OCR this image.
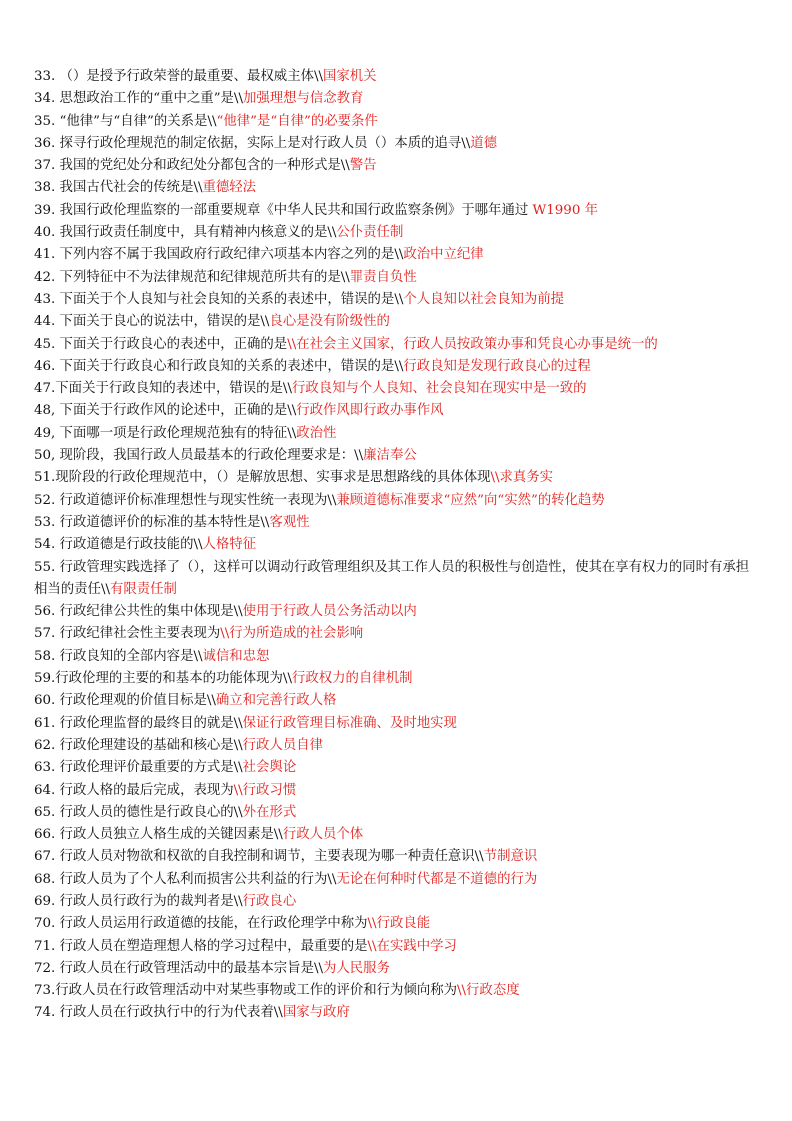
33. （）是授予行政荣誉的最重要、最权威主体\\国家机关
34. 思想政治工作的“重中之重”是\\加强理想与信念教育
35. “他律”与“自律”的关系是\\“他律”是“自律”的必要条件
36. 探寻行政伦理规范的制定依据，实际上是对行政人员（）本质的追寻\\道德
37. 我国的党纪处分和政纪处分都包含的一种形式是\\警告
38. 我国古代社会的传统是\\重德轻法
39. 我国行政伦理监察的一部重要规章《中华人民共和国行政监察条例》于哪年通过 W1990 年
40. 我国行政责任制度中，具有精神内核意义的是\\公仆责任制
41. 下列内容不属于我国政府行政纪律六项基本内容之列的是\\政治中立纪律
42. 下列特征中不为法律规范和纪律规范所共有的是\\罪责自负性
43. 下面关于个人良知与社会良知的关系的表述中，错误的是\\个人良知以社会良知为前提
44. 下面关于良心的说法中，错误的是\\良心是没有阶级性的
45. 下面关于行政良心的表述中，正确的是\\在社会主义国家，行政人员按政策办事和凭良心办事是统一的
46. 下面关于行政良心和行政良知的关系的表述中，错误的是\\行政良知是发现行政良心的过程
47.下面关于行政良知的表述中，错误的是\\行政良知与个人良知、社会良知在现实中是一致的
48, 下面关于行政作风的论述中，正确的是\\行政作风即行政办事作风
49, 下面哪一项是行政伦理规范独有的特征\\政治性
50, 现阶段，我国行政人员最基本的行政伦理要求是：\\廉洁奉公
51.现阶段的行政伦理规范中，（）是解放思想、实事求是思想路线的具体体现\\求真务实
52. 行政道德评价标准理想性与现实性统一表现为\\兼顾道德标准要求“应然”向“实然”的转化趋势
53. 行政道德评价的标准的基本特性是\\客观性
54. 行政道德是行政技能的\\人格特征
55. 行政管理实践选择了（），这样可以调动行政管理组织及其工作人员的积极性与创造性，使其在享有权力的同时有承担相当的责任\\有限责任制
56. 行政纪律公共性的集中体现是\\使用于行政人员公务活动以内
57. 行政纪律社会性主要表现为\\行为所造成的社会影响
58. 行政良知的全部内容是\\诚信和忠恕
59.行政伦理的主要的和基本的功能体现为\\行政权力的自律机制
60. 行政伦理观的价值目标是\\确立和完善行政人格
61. 行政伦理监督的最终目的就是\\保证行政管理目标准确、及时地实现
62. 行政伦理建设的基础和核心是\\行政人员自律
63. 行政伦理评价最重要的方式是\\社会舆论
64. 行政人格的最后完成，表现为\\行政习惯
65. 行政人员的德性是行政良心的\\外在形式
66. 行政人员独立人格生成的关键因素是\\行政人员个体
67. 行政人员对物欲和权欲的自我控制和调节，主要表现为哪一种责任意识\\节制意识
68. 行政人员为了个人私利而损害公共利益的行为\\无论在何种时代都是不道德的行为
69. 行政人员行政行为的裁判者是\\行政良心
70. 行政人员运用行政道德的技能，在行政伦理学中称为\\行政良能
71. 行政人员在塑造理想人格的学习过程中，最重要的是\\在实践中学习
72. 行政人员在行政管理活动中的最基本宗旨是\\为人民服务
73.行政人员在行政管理活动中对某些事物或工作的评价和行为倾向称为\\行政态度
74. 行政人员在行政执行中的行为代表着\\国家与政府
